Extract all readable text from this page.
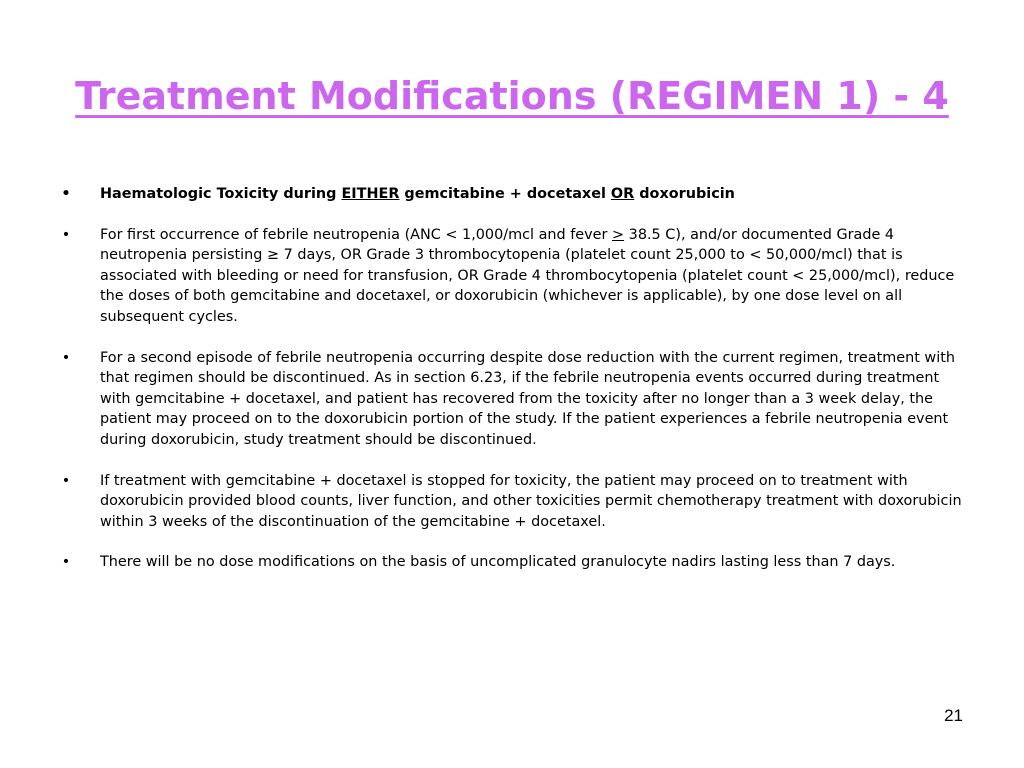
Treatment Modifications (REGIMEN 1) - 4
• Haematologic Toxicity during EITHER gemcitabine + docetaxel OR doxorubicin
• For first occurrence of febrile neutropenia (ANC < 1,000/mcl and fever > 38.5 C), and/or documented Grade 4 neutropenia persisting ≥ 7 days, OR Grade 3 thrombocytopenia (platelet count 25,000 to < 50,000/mcl) that is associated with bleeding or need for transfusion, OR Grade 4 thrombocytopenia (platelet count < 25,000/mcl), reduce the doses of both gemcitabine and docetaxel, or doxorubicin (whichever is applicable), by one dose level on all subsequent cycles.
• For a second episode of febrile neutropenia occurring despite dose reduction with the current regimen, treatment with that regimen should be discontinued. As in section 6.23, if the febrile neutropenia events occurred during treatment with gemcitabine + docetaxel, and patient has recovered from the toxicity after no longer than a 3 week delay, the patient may proceed on to the doxorubicin portion of the study. If the patient experiences a febrile neutropenia event during doxorubicin, study treatment should be discontinued.
• If treatment with gemcitabine + docetaxel is stopped for toxicity, the patient may proceed on to treatment with doxorubicin provided blood counts, liver function, and other toxicities permit chemotherapy treatment with doxorubicin within 3 weeks of the discontinuation of the gemcitabine + docetaxel.
• There will be no dose modifications on the basis of uncomplicated granulocyte nadirs lasting less than 7 days.
21
